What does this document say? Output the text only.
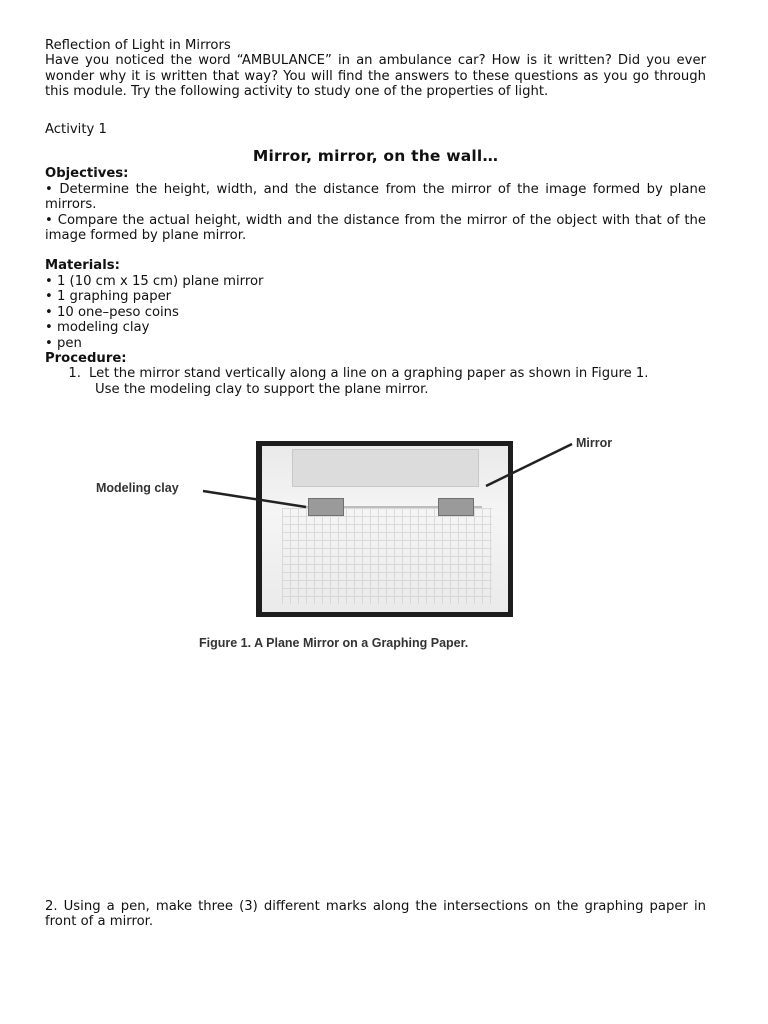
Reflection of Light in Mirrors
Have you noticed the word “AMBULANCE” in an ambulance car? How is it written? Did you ever wonder why it is written that way? You will find the answers to these questions as you go through this module. Try the following activity to study one of the properties of light.
Activity 1
Mirror, mirror, on the wall…
Objectives:
• Determine the height, width, and the distance from the mirror of the image formed by plane mirrors.
• Compare the actual height, width and the distance from the mirror of the object with that of the image formed by plane mirror.
Materials:
• 1 (10 cm x 15 cm) plane mirror
• 1 graphing paper
• 10 one–peso coins
• modeling clay
• pen
Procedure:
1. Let the mirror stand vertically along a line on a graphing paper as shown in Figure 1.
Use the modeling clay to support the plane mirror.
Mirror
Modeling clay
Figure 1. A Plane Mirror on a Graphing Paper.
2. Using a pen, make three (3) different marks along the intersections on the graphing paper in front of a mirror.
